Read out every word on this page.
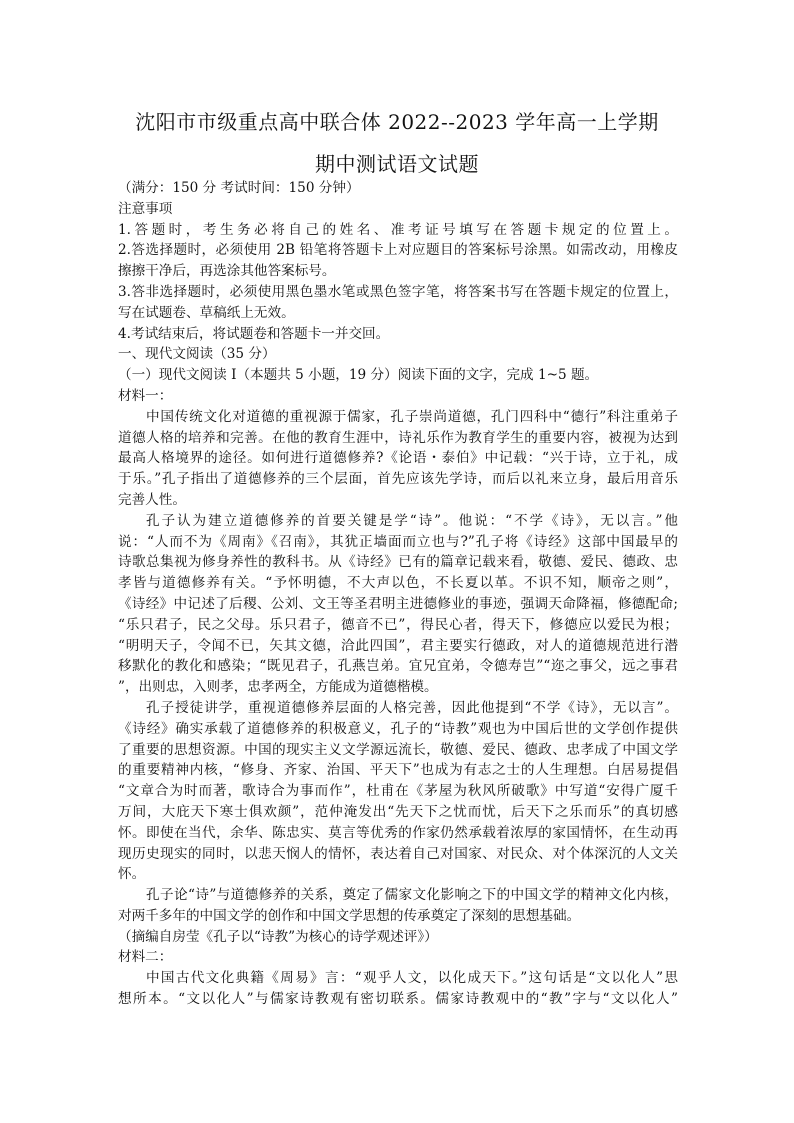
沈阳市市级重点高中联合体 2022--2023 学年高一上学期
期中测试语文试题
（满分：150 分 考试时间：150 分钟）
注意事项
1.答题时，考生务必将自己的姓名、准考证号填写在答题卡规定的位置上。
2.答选择题时，必须使用 2B 铅笔将答题卡上对应题目的答案标号涂黑。如需改动，用橡皮
擦擦干净后，再选涂其他答案标号。
3.答非选择题时，必须使用黑色墨水笔或黑色签字笔，将答案书写在答题卡规定的位置上，
写在试题卷、草稿纸上无效。
4.考试结束后，将试题卷和答题卡一并交回。
一、现代文阅读（35 分）
（一）现代文阅读 I（本题共 5 小题，19 分）阅读下面的文字，完成 1~5 题。
材料一：
中国传统文化对道德的重视源于儒家，孔子崇尚道德，孔门四科中“德行”科注重弟子
道德人格的培养和完善。在他的教育生涯中，诗礼乐作为教育学生的重要内容，被视为达到
最高人格境界的途径。如何进行道德修养?《论语・泰伯》中记载：“兴于诗，立于礼，成
于乐。”孔子指出了道德修养的三个层面，首先应该先学诗，而后以礼来立身，最后用音乐
完善人性。
孔子认为建立道德修养的首要关键是学“诗”。他说：“不学《诗》，无以言。”他
说：“人而不为《周南》《召南》，其犹正墙面而立也与?”孔子将《诗经》这部中国最早的
诗歌总集视为修身养性的教科书。从《诗经》已有的篇章记载来看，敬德、爱民、德政、忠
孝皆与道德修养有关。“予怀明德，不大声以色，不长夏以革。不识不知，顺帝之则”，
《诗经》中记述了后稷、公刘、文王等圣君明主进德修业的事迹，强调天命降福，修德配命;
“乐只君子，民之父母。乐只君子，德音不已”，得民心者，得天下，修德应以爱民为根；
“明明天子，令闻不已，矢其文德，洽此四国”，君主要实行德政，对人的道德规范进行潜
移默化的教化和感染；“既见君子，孔燕岂弟。宜兄宜弟，令德寿岂”“迩之事父，远之事君
”，出则忠，入则孝，忠孝两全，方能成为道德楷模。
孔子授徒讲学，重视道德修养层面的人格完善，因此他提到“不学《诗》，无以言”。
《诗经》确实承载了道德修养的积极意义，孔子的“诗教”观也为中国后世的文学创作提供
了重要的思想资源。中国的现实主义文学源远流长，敬德、爱民、德政、忠孝成了中国文学
的重要精神内核，“修身、齐家、治国、平天下”也成为有志之士的人生理想。白居易提倡
“文章合为时而著，歌诗合为事而作”，杜甫在《茅屋为秋风所破歌》中写道“安得广厦千
万间，大庇天下寒士俱欢颜”，范仲淹发出“先天下之忧而忧，后天下之乐而乐”的真切感
怀。即使在当代，余华、陈忠实、莫言等优秀的作家仍然承载着浓厚的家国情怀，在生动再
现历史现实的同时，以悲天悯人的情怀，表达着自己对国家、对民众、对个体深沉的人文关
怀。
孔子论“诗”与道德修养的关系，奠定了儒家文化影响之下的中国文学的精神文化内核，
对两千多年的中国文学的创作和中国文学思想的传承奠定了深刻的思想基础。
（摘编自房莹《孔子以“诗教”为核心的诗学观述评》）
材料二：
中国古代文化典籍《周易》言：“观乎人文，以化成天下。”这句话是“文以化人”思
想所本。“文以化人”与儒家诗教观有密切联系。儒家诗教观中的“教”字与“文以化人”
